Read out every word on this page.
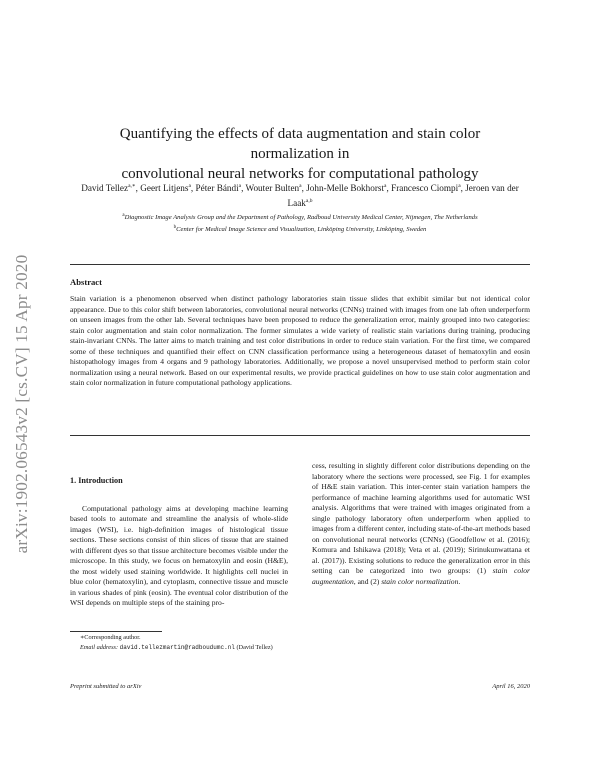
arXiv:1902.06543v2 [cs.CV] 15 Apr 2020
Quantifying the effects of data augmentation and stain color normalization in
convolutional neural networks for computational pathology
David Tellez$^{a,∗}$, Geert Litjens$^a$, Péter Bándi$^a$, Wouter Bulten$^a$, John-Melle Bokhorst$^a$, Francesco Ciompi$^a$, Jeroen van der Laak$^{a,b}$
$^a$Diagnostic Image Analysis Group and the Department of Pathology, Radboud University Medical Center, Nijmegen, The Netherlands
$^b$Center for Medical Image Science and Visualization, Linköping University, Linköping, Sweden
Abstract
Stain variation is a phenomenon observed when distinct pathology laboratories stain tissue slides that exhibit similar but not identical color appearance. Due to this color shift between laboratories, convolutional neural networks (CNNs) trained with images from one lab often underperform on unseen images from the other lab. Several techniques have been proposed to reduce the generalization error, mainly grouped into two categories: stain color augmentation and stain color normalization. The former simulates a wide variety of realistic stain variations during training, producing stain-invariant CNNs. The latter aims to match training and test color distributions in order to reduce stain variation. For the first time, we compared some of these techniques and quantified their effect on CNN classification performance using a heterogeneous dataset of hematoxylin and eosin histopathology images from 4 organs and 9 pathology laboratories. Additionally, we propose a novel unsupervised method to perform stain color normalization using a neural network. Based on our experimental results, we provide practical guidelines on how to use stain color augmentation and stain color normalization in future computational pathology applications.
1. Introduction

Computational pathology aims at developing machine learning based tools to automate and streamline the analysis of whole-slide images (WSI), i.e. high-definition images of histological tissue sections. These sections consist of thin slices of tissue that are stained with different dyes so that tissue architecture becomes visible under the microscope. In this study, we focus on hematoxylin and eosin (H&E), the most widely used staining worldwide. It highlights cell nuclei in blue color (hematoxylin), and cytoplasm, connective tissue and muscle in various shades of pink (eosin). The eventual color distribution of the WSI depends on multiple steps of the staining pro-

cess, resulting in slightly different color distributions depending on the laboratory where the sections were processed, see Fig. 1 for examples of H&E stain variation. This inter-center stain variation hampers the performance of machine learning algorithms used for automatic WSI analysis. Algorithms that were trained with images originated from a single pathology laboratory often underperform when applied to images from a different center, including state-of-the-art methods based on convolutional neural networks (CNNs) (Goodfellow et al. (2016); Komura and Ishikawa (2018); Veta et al. (2019); Sirinukunwattana et al. (2017)). Existing solutions to reduce the generalization error in this setting can be categorized into two groups: (1) stain color augmentation, and (2) stain color normalization.

∗Corresponding author.
Email address: david.tellezmartin@radboudumc.nl (David Tellez)
Preprint submitted to arXiv	April 16, 2020
